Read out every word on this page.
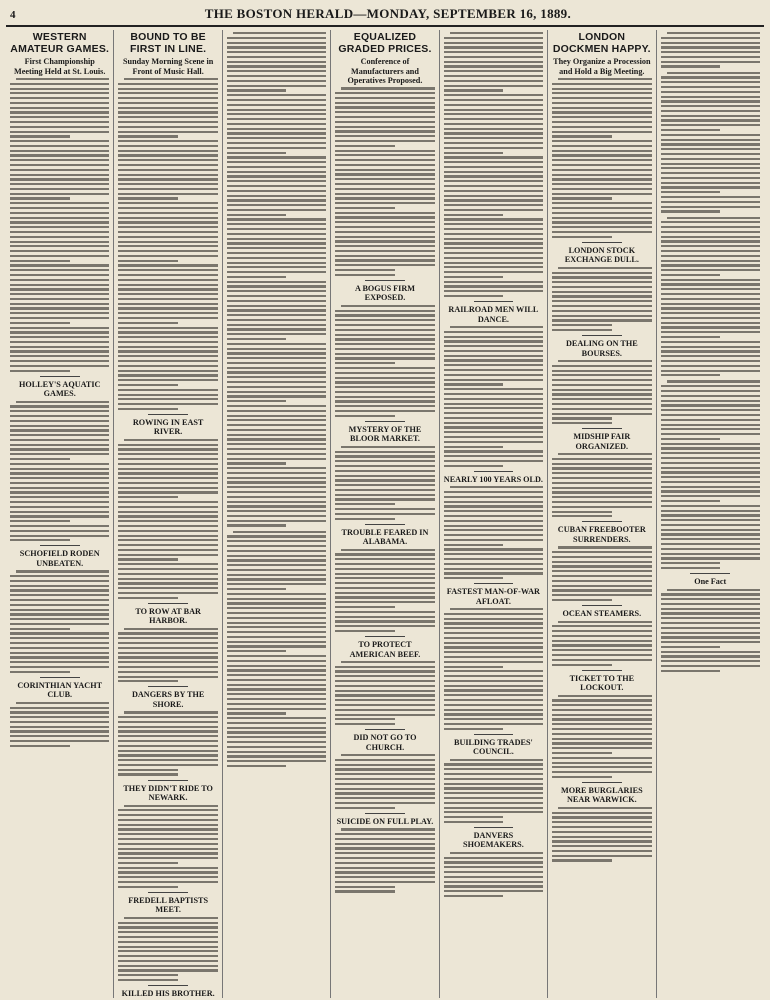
4	THE BOSTON HERALD—MONDAY, SEPTEMBER 16, 1889.
WESTERN AMATEUR GAMES.
First Championship Meeting Held at St. Louis.
HOLLEY'S AQUATIC GAMES.
SCHOFIELD RODEN UNBEATEN.
CORINTHIAN YACHT CLUB.
BOUND TO BE FIRST IN LINE.
Sunday Morning Scene in Front of Music Hall.
ROWING IN EAST RIVER.
TO ROW AT BAR HARBOR.
DANGERS BY THE SHORE.
THEY DIDN'T RIDE TO NEWARK.
FREDELL BAPTISTS MEET.
KILLED HIS BROTHER.
EQUALIZED GRADED PRICES.
Conference of Manufacturers and Operatives Proposed.
A BOGUS FIRM EXPOSED.
MYSTERY OF THE BLOOR MARKET.
TROUBLE FEARED IN ALABAMA.
TO PROTECT AMERICAN BEEF.
DID NOT GO TO CHURCH.
SUICIDE ON FULL PLAY.
RAILROAD MEN WILL DANCE.
NEARLY 100 YEARS OLD.
FASTEST MAN-OF-WAR AFLOAT.
BUILDING TRADES' COUNCIL.
DANVERS SHOEMAKERS.
LONDON DOCKMEN HAPPY.
They Organize a Procession and Hold a Big Meeting.
LONDON STOCK EXCHANGE DULL.
DEALING ON THE BOURSES.
MIDSHIP FAIR ORGANIZED.
CUBAN FREEBOOTER SURRENDERS.
OCEAN STEAMERS.
TICKET TO THE LOCKOUT.
MORE BURGLARIES NEAR WARWICK.
One Fact
